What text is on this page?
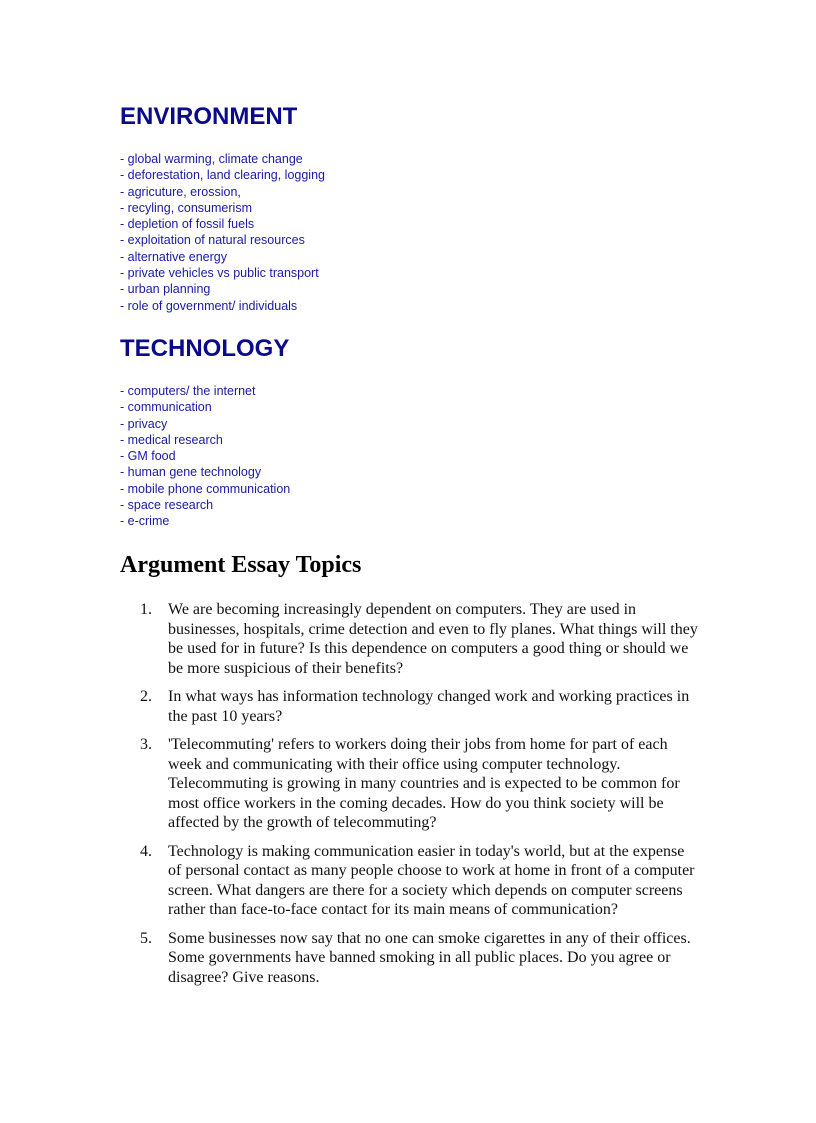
ENVIRONMENT
- global warming, climate change
- deforestation, land clearing, logging
- agricuture, erossion,
- recyling, consumerism
- depletion of fossil fuels
- exploitation of natural resources
- alternative energy
- private vehicles vs public transport
- urban planning
- role of government/ individuals
TECHNOLOGY
- computers/ the internet
- communication
- privacy
- medical research
- GM food
- human gene technology
- mobile phone communication
- space research
- e-crime
Argument Essay Topics
1.	We are becoming increasingly dependent on computers. They are used in businesses, hospitals, crime detection and even to fly planes. What things will they be used for in future? Is this dependence on computers a good thing or should we be more suspicious of their benefits?
2.	In what ways has information technology changed work and working practices in the past 10 years?
3.	'Telecommuting' refers to workers doing their jobs from home for part of each week and communicating with their office using computer technology. Telecommuting is growing in many countries and is expected to be common for most office workers in the coming decades. How do you think society will be affected by the growth of telecommuting?
4.	Technology is making communication easier in today's world, but at the expense of personal contact as many people choose to work at home in front of a computer screen. What dangers are there for a society which depends on computer screens rather than face-to-face contact for its main means of communication?
5.	Some businesses now say that no one can smoke cigarettes in any of their offices. Some governments have banned smoking in all public places. Do you agree or disagree? Give reasons.
